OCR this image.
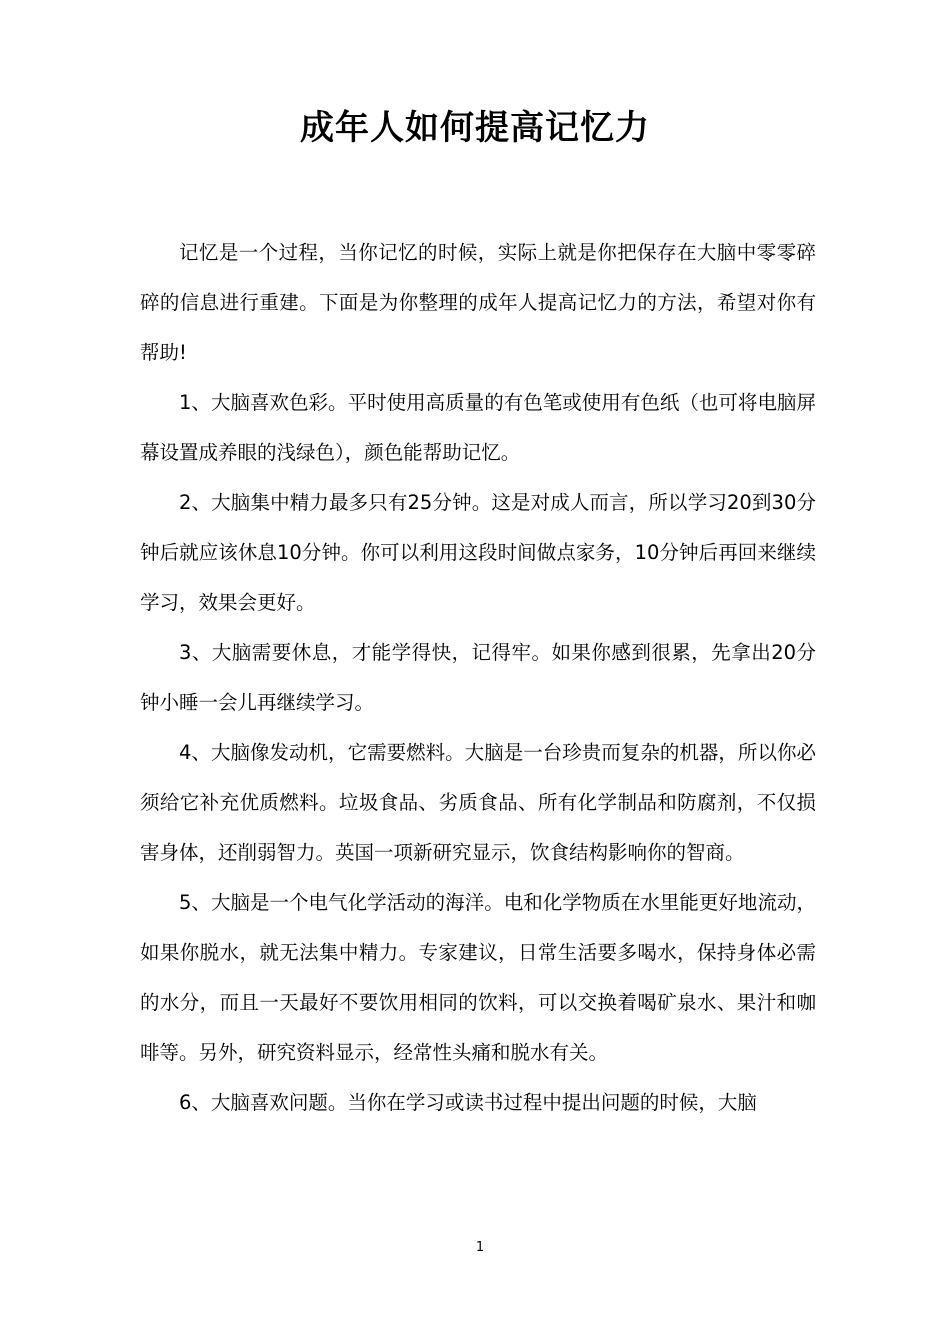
成年人如何提高记忆力

记忆是一个过程，当你记忆的时候，实际上就是你把保存在大脑中零零碎碎的信息进行重建。下面是为你整理的成年人提高记忆力的方法，希望对你有帮助!

1、大脑喜欢色彩。平时使用高质量的有色笔或使用有色纸（也可将电脑屏幕设置成养眼的浅绿色），颜色能帮助记忆。

2、大脑集中精力最多只有25分钟。这是对成人而言，所以学习20到30分钟后就应该休息10分钟。你可以利用这段时间做点家务，10分钟后再回来继续学习，效果会更好。

3、大脑需要休息，才能学得快，记得牢。如果你感到很累，先拿出20分钟小睡一会儿再继续学习。

4、大脑像发动机，它需要燃料。大脑是一台珍贵而复杂的机器，所以你必须给它补充优质燃料。垃圾食品、劣质食品、所有化学制品和防腐剂，不仅损害身体，还削弱智力。英国一项新研究显示，饮食结构影响你的智商。

5、大脑是一个电气化学活动的海洋。电和化学物质在水里能更好地流动，如果你脱水，就无法集中精力。专家建议，日常生活要多喝水，保持身体必需的水分，而且一天最好不要饮用相同的饮料，可以交换着喝矿泉水、果汁和咖啡等。另外，研究资料显示，经常性头痛和脱水有关。

6、大脑喜欢问题。当你在学习或读书过程中提出问题的时候，大脑

1
